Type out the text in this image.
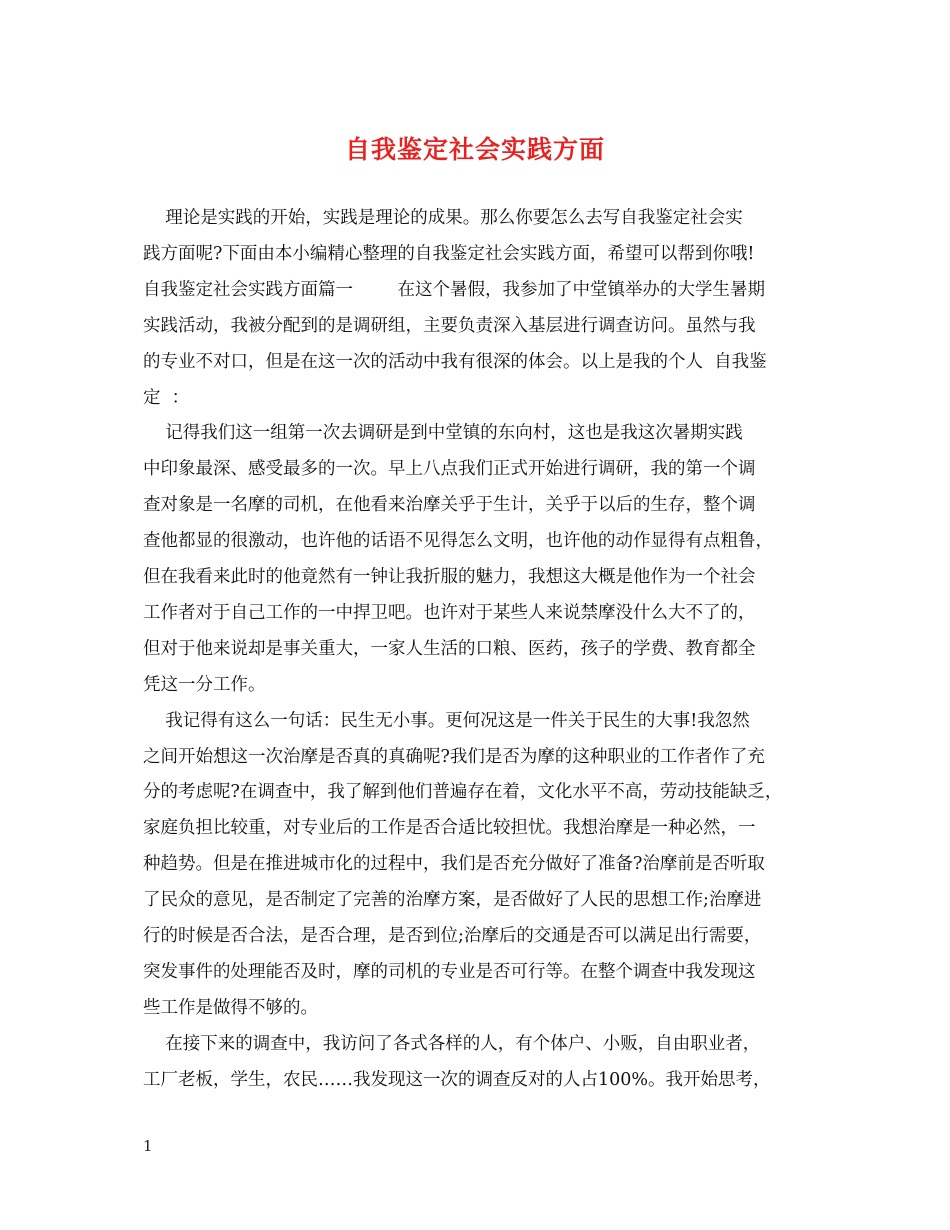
自我鉴定社会实践方面
理论是实践的开始，实践是理论的成果。那么你要怎么去写自我鉴定社会实
践方面呢?下面由本小编精心整理的自我鉴定社会实践方面，希望可以帮到你哦!
自我鉴定社会实践方面篇一        在这个暑假，我参加了中堂镇举办的大学生暑期
实践活动，我被分配到的是调研组，主要负责深入基层进行调查访问。虽然与我
的专业不对口，但是在这一次的活动中我有很深的体会。以上是我的个人  自我鉴
定  ：
记得我们这一组第一次去调研是到中堂镇的东向村，这也是我这次暑期实践
中印象最深、感受最多的一次。早上八点我们正式开始进行调研，我的第一个调
查对象是一名摩的司机，在他看来治摩关乎于生计，关乎于以后的生存，整个调
查他都显的很激动，也许他的话语不见得怎么文明，也许他的动作显得有点粗鲁，
但在我看来此时的他竟然有一钟让我折服的魅力，我想这大概是他作为一个社会
工作者对于自己工作的一中捍卫吧。也许对于某些人来说禁摩没什么大不了的，
但对于他来说却是事关重大，一家人生活的口粮、医药，孩子的学费、教育都全
凭这一分工作。
我记得有这么一句话：民生无小事。更何况这是一件关于民生的大事!我忽然
之间开始想这一次治摩是否真的真确呢?我们是否为摩的这种职业的工作者作了充
分的考虑呢?在调查中，我了解到他们普遍存在着，文化水平不高，劳动技能缺乏，
家庭负担比较重，对专业后的工作是否合适比较担忧。我想治摩是一种必然，一
种趋势。但是在推进城市化的过程中，我们是否充分做好了准备?治摩前是否听取
了民众的意见，是否制定了完善的治摩方案，是否做好了人民的思想工作;治摩进
行的时候是否合法，是否合理，是否到位;治摩后的交通是否可以满足出行需要，
突发事件的处理能否及时，摩的司机的专业是否可行等。在整个调查中我发现这
些工作是做得不够的。
在接下来的调查中，我访问了各式各样的人，有个体户、小贩，自由职业者，
工厂老板，学生，农民……我发现这一次的调查反对的人占100%。我开始思考，
1
